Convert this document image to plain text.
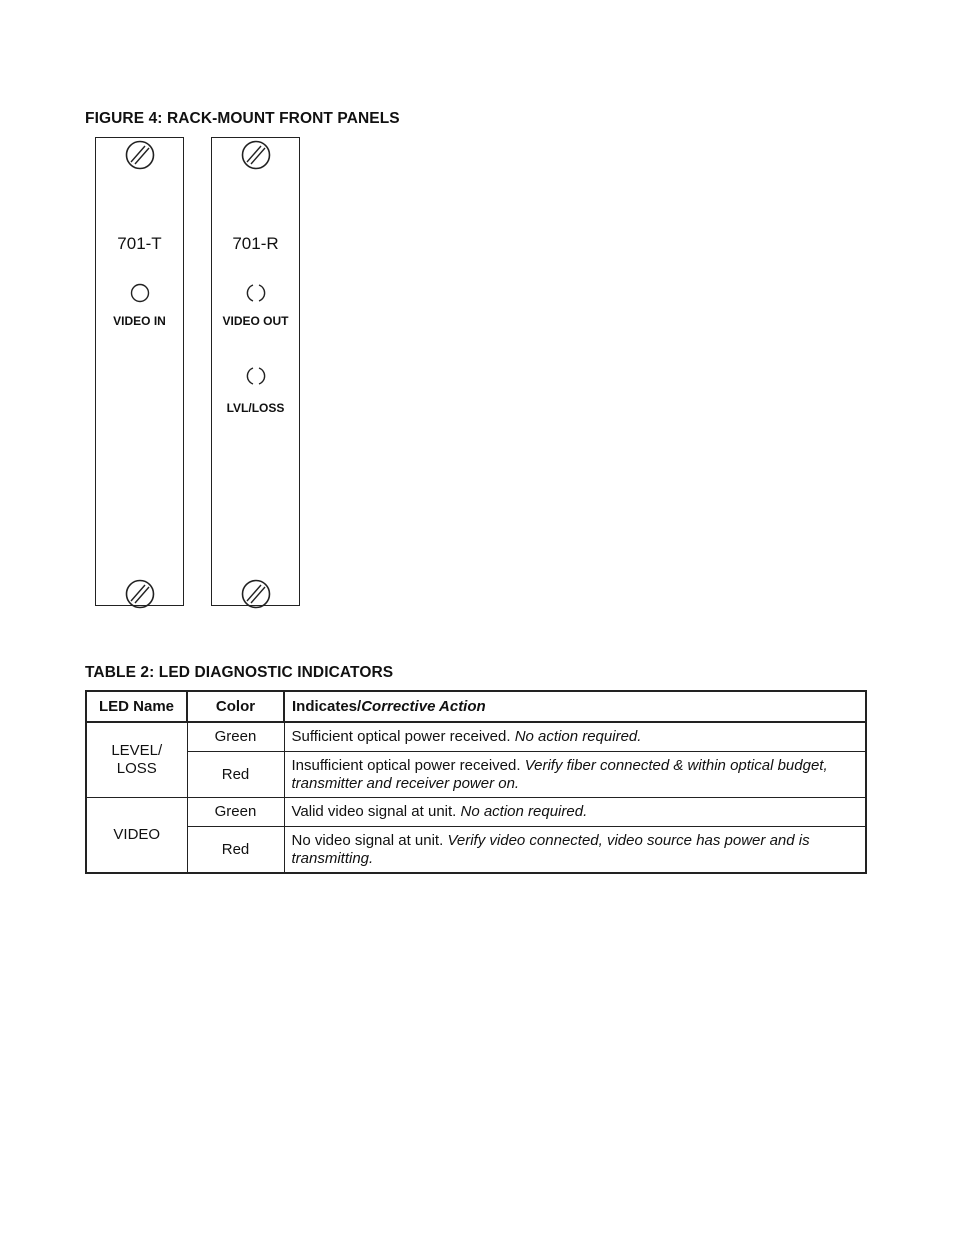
FIGURE 4: RACK-MOUNT FRONT PANELS
701-T
VIDEO IN
701-R
VIDEO OUT
LVL/LOSS
TABLE 2: LED DIAGNOSTIC INDICATORS
LED Name	Color	Indicates/Corrective Action
LEVEL/ LOSS	Green	Sufficient optical power received. No action required.
	Red	Insufficient optical power received. Verify fiber connected & within optical budget, transmitter and receiver power on.
VIDEO	Green	Valid video signal at unit. No action required.
	Red	No video signal at unit. Verify video connected, video source has power and is transmitting.
